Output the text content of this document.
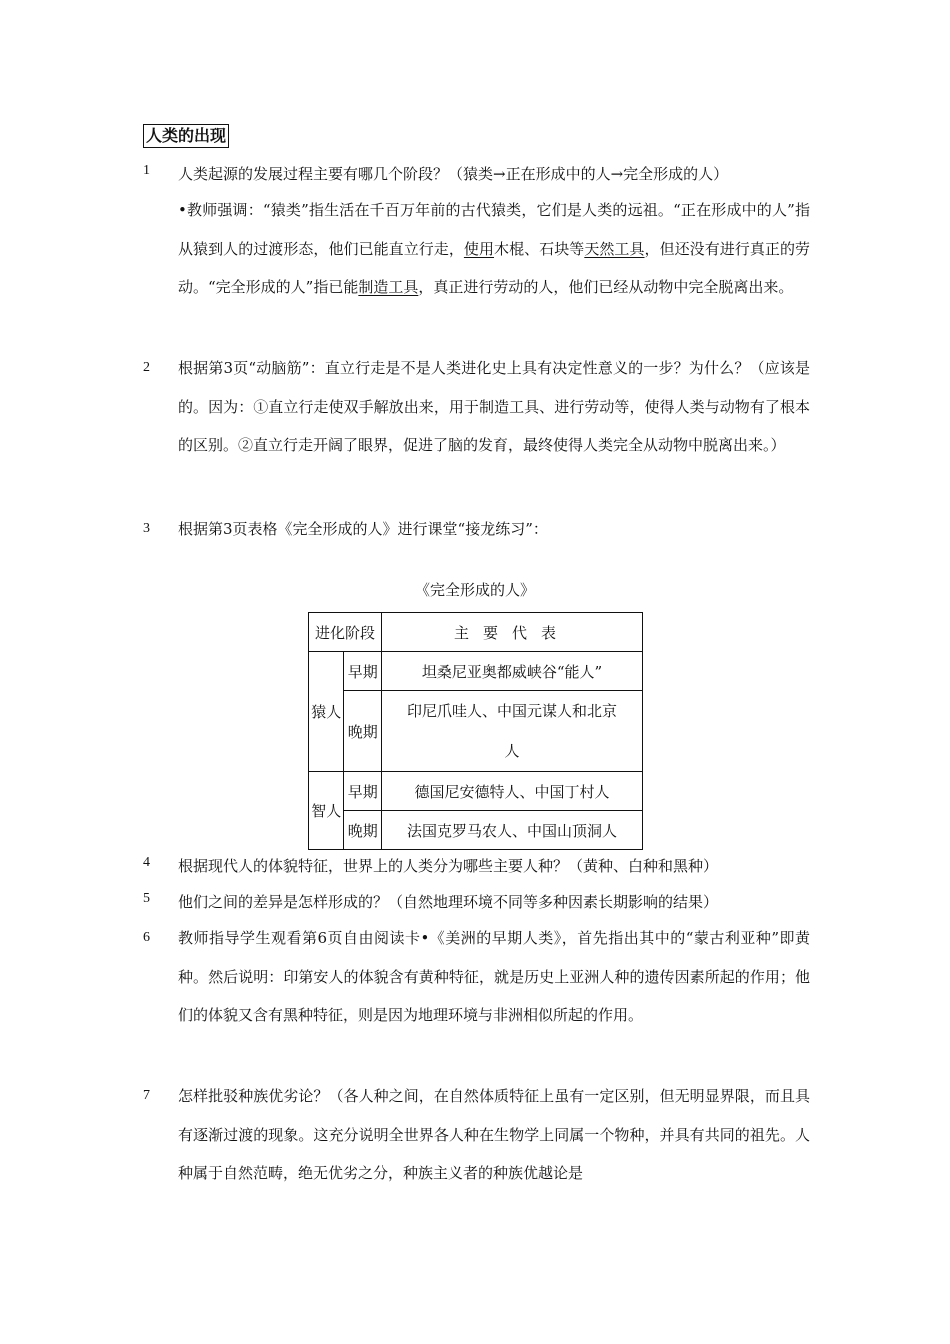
人类的出现
1 人类起源的发展过程主要有哪几个阶段？（猿类→正在形成中的人→完全形成的人）
•教师强调：“猿类”指生活在千百万年前的古代猿类，它们是人类的远祖。“正在形成中的人”指从猿到人的过渡形态，他们已能直立行走，使用木棍、石块等天然工具，但还没有进行真正的劳动。“完全形成的人”指已能制造工具，真正进行劳动的人，他们已经从动物中完全脱离出来。
2 根据第3页“动脑筋”：直立行走是不是人类进化史上具有决定性意义的一步？为什么？（应该是的。因为：①直立行走使双手解放出来，用于制造工具、进行劳动等，使得人类与动物有了根本的区别。②直立行走开阔了眼界，促进了脑的发育，最终使得人类完全从动物中脱离出来。）
3 根据第3页表格《完全形成的人》进行课堂“接龙练习”：
《完全形成的人》
进化阶段		主要代表
猿人	早期	坦桑尼亚奥都威峡谷“能人”
	晚期	印尼爪哇人、中国元谋人和北京人
智人	早期	德国尼安德特人、中国丁村人
	晚期	法国克罗马农人、中国山顶洞人
4 根据现代人的体貌特征，世界上的人类分为哪些主要人种？（黄种、白种和黑种）
5 他们之间的差异是怎样形成的？（自然地理环境不同等多种因素长期影响的结果）
6 教师指导学生观看第6页自由阅读卡•《美洲的早期人类》，首先指出其中的“蒙古利亚种”即黄种。然后说明：印第安人的体貌含有黄种特征，就是历史上亚洲人种的遗传因素所起的作用；他们的体貌又含有黑种特征，则是因为地理环境与非洲相似所起的作用。
7 怎样批驳种族优劣论？（各人种之间，在自然体质特征上虽有一定区别，但无明显界限，而且具有逐渐过渡的现象。这充分说明全世界各人种在生物学上同属一个物种，并具有共同的祖先。人种属于自然范畴，绝无优劣之分，种族主义者的种族优越论是
